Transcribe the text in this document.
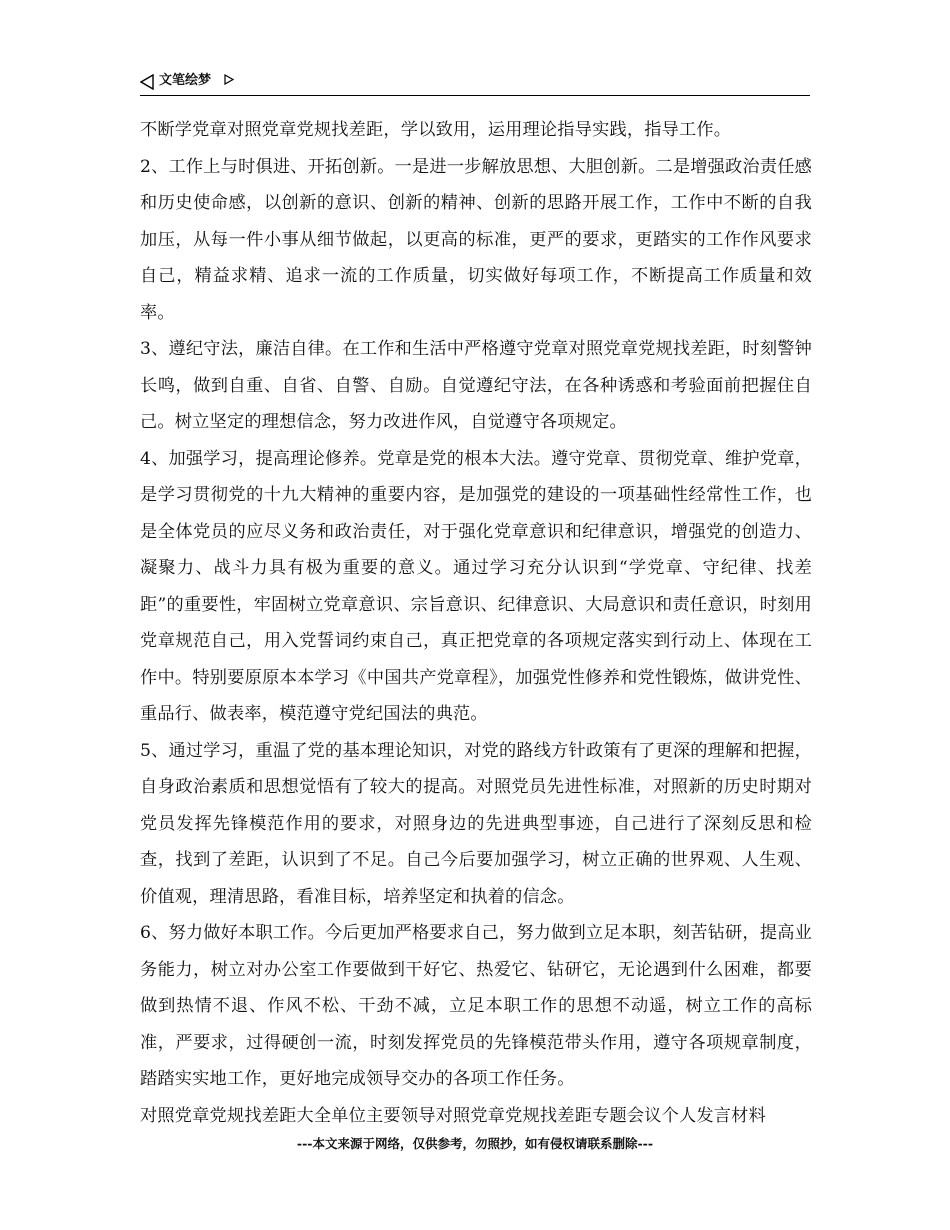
文笔绘梦

不断学党章对照党章党规找差距，学以致用，运用理论指导实践，指导工作。

2、工作上与时俱进、开拓创新。一是进一步解放思想、大胆创新。二是增强政治责任感和历史使命感，以创新的意识、创新的精神、创新的思路开展工作，工作中不断的自我加压，从每一件小事从细节做起，以更高的标准，更严的要求，更踏实的工作作风要求自己，精益求精、追求一流的工作质量，切实做好每项工作，不断提高工作质量和效率。

3、遵纪守法，廉洁自律。在工作和生活中严格遵守党章对照党章党规找差距，时刻警钟长鸣，做到自重、自省、自警、自励。自觉遵纪守法，在各种诱惑和考验面前把握住自己。树立坚定的理想信念，努力改进作风，自觉遵守各项规定。

4、加强学习，提高理论修养。党章是党的根本大法。遵守党章、贯彻党章、维护党章，是学习贯彻党的十九大精神的重要内容，是加强党的建设的一项基础性经常性工作，也是全体党员的应尽义务和政治责任，对于强化党章意识和纪律意识，增强党的创造力、凝聚力、战斗力具有极为重要的意义。通过学习充分认识到“学党章、守纪律、找差距”的重要性，牢固树立党章意识、宗旨意识、纪律意识、大局意识和责任意识，时刻用党章规范自己，用入党誓词约束自己，真正把党章的各项规定落实到行动上、体现在工作中。特别要原原本本学习《中国共产党章程》，加强党性修养和党性锻炼，做讲党性、重品行、做表率，模范遵守党纪国法的典范。

5、通过学习，重温了党的基本理论知识，对党的路线方针政策有了更深的理解和把握，自身政治素质和思想觉悟有了较大的提高。对照党员先进性标准，对照新的历史时期对党员发挥先锋模范作用的要求，对照身边的先进典型事迹，自己进行了深刻反思和检查，找到了差距，认识到了不足。自己今后要加强学习，树立正确的世界观、人生观、价值观，理清思路，看准目标，培养坚定和执着的信念。

6、努力做好本职工作。今后更加严格要求自己，努力做到立足本职，刻苦钻研，提高业务能力，树立对办公室工作要做到干好它、热爱它、钻研它，无论遇到什么困难，都要做到热情不退、作风不松、干劲不减，立足本职工作的思想不动遥，树立工作的高标准，严要求，过得硬创一流，时刻发挥党员的先锋模范带头作用，遵守各项规章制度，踏踏实实地工作，更好地完成领导交办的各项工作任务。

对照党章党规找差距大全单位主要领导对照党章党规找差距专题会议个人发言材料

---本文来源于网络，仅供参考，勿照抄，如有侵权请联系删除---
